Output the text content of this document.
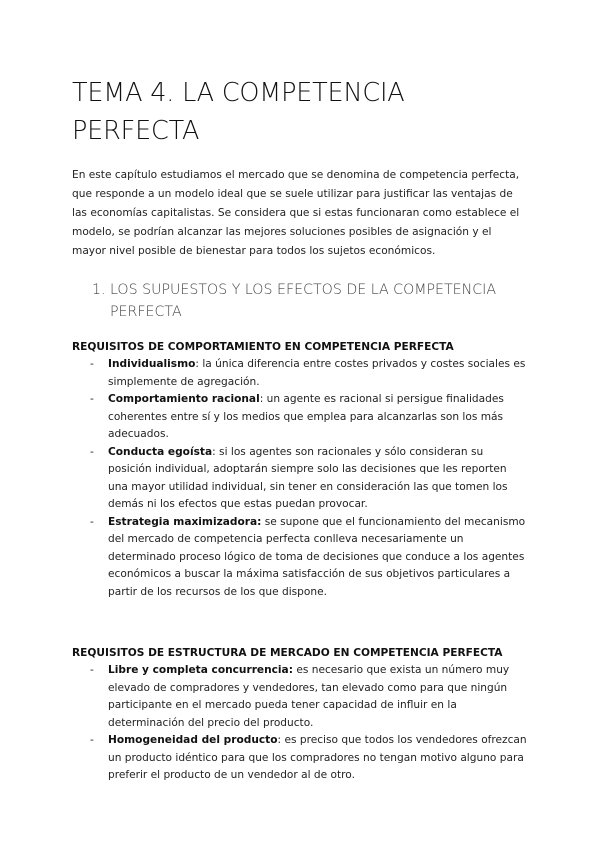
TEMA 4. LA COMPETENCIA PERFECTA

En este capítulo estudiamos el mercado que se denomina de competencia perfecta, que responde a un modelo ideal que se suele utilizar para justificar las ventajas de las economías capitalistas. Se considera que si estas funcionaran como establece el modelo, se podrían alcanzar las mejores soluciones posibles de asignación y el mayor nivel posible de bienestar para todos los sujetos económicos.

1. LOS SUPUESTOS Y LOS EFECTOS DE LA COMPETENCIA PERFECTA
REQUISITOS DE COMPORTAMIENTO EN COMPETENCIA PERFECTA
-	Individualismo: la única diferencia entre costes privados y costes sociales es simplemente de agregación.
-	Comportamiento racional: un agente es racional si persigue finalidades coherentes entre sí y los medios que emplea para alcanzarlas son los más adecuados.
-	Conducta egoísta: si los agentes son racionales y sólo consideran su posición individual, adoptarán siempre solo las decisiones que les reporten una mayor utilidad individual, sin tener en consideración las que tomen los demás ni los efectos que estas puedan provocar.
-	Estrategia maximizadora: se supone que el funcionamiento del mecanismo del mercado de competencia perfecta conlleva necesariamente un determinado proceso lógico de toma de decisiones que conduce a los agentes económicos a buscar la máxima satisfacción de sus objetivos particulares a partir de los recursos de los que dispone.
REQUISITOS DE ESTRUCTURA DE MERCADO EN COMPETENCIA PERFECTA
-	Libre y completa concurrencia: es necesario que exista un número muy elevado de compradores y vendedores, tan elevado como para que ningún participante en el mercado pueda tener capacidad de influir en la determinación del precio del producto.
-	Homogeneidad del producto: es preciso que todos los vendedores ofrezcan un producto idéntico para que los compradores no tengan motivo alguno para preferir el producto de un vendedor al de otro.
